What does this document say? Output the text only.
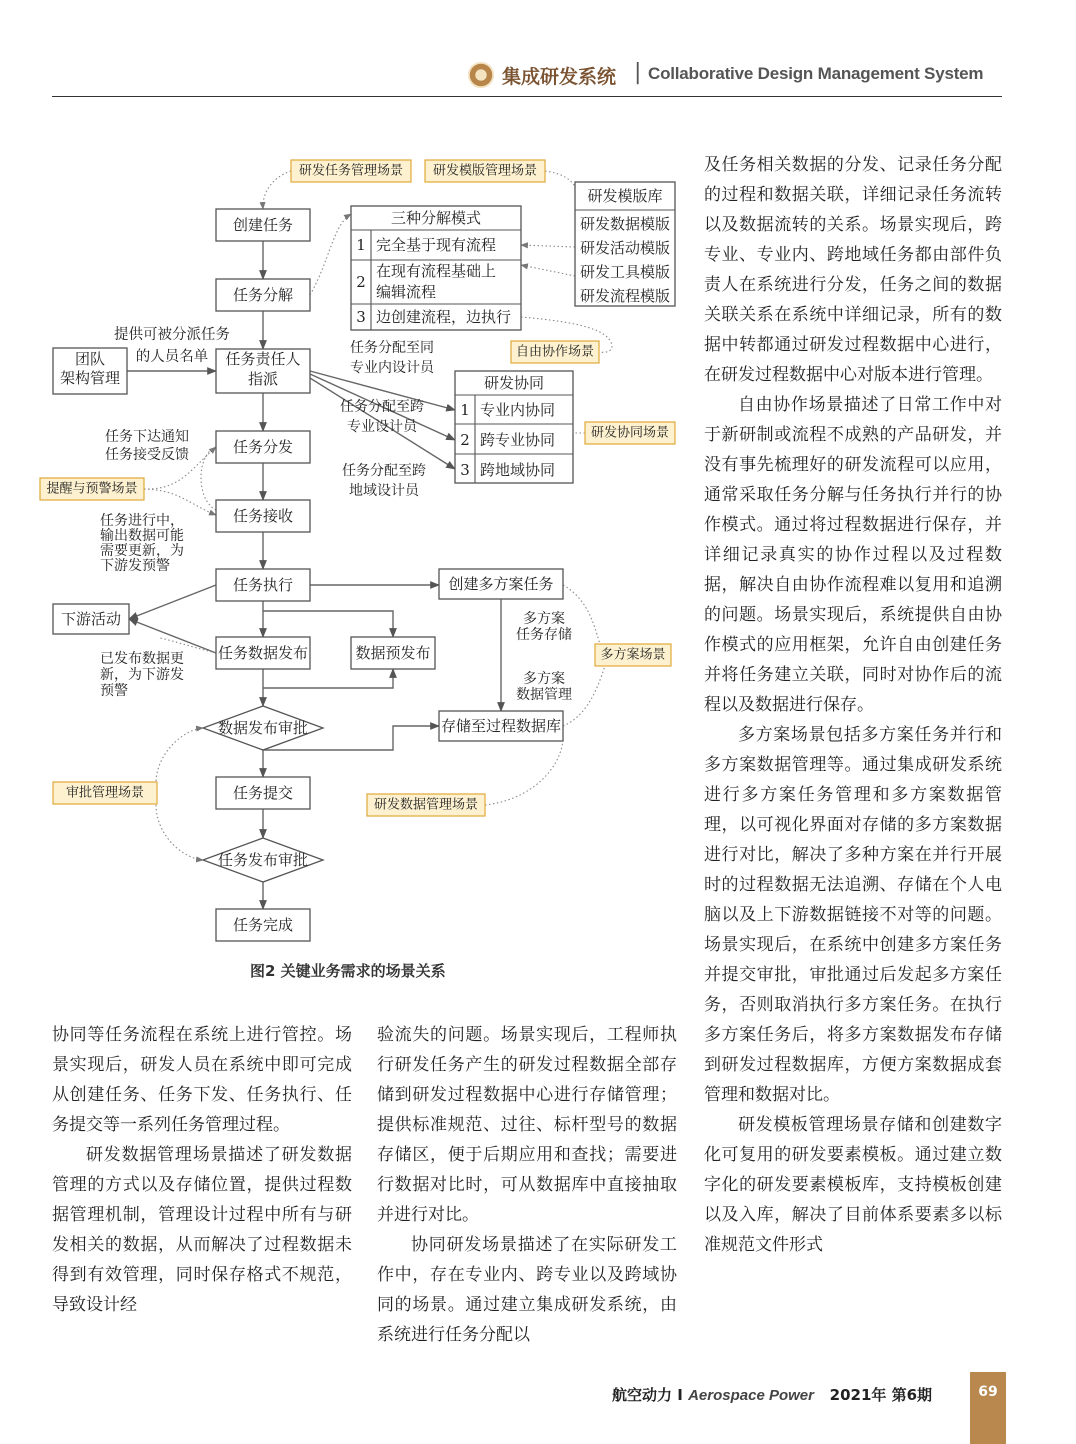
集成研发系统 | Collaborative Design Management System
创建任务
任务分解
任务责任人指派
任务分发
任务接收
任务执行
任务数据发布
数据发布审批
任务提交
任务发布审批
任务完成
团队架构管理
下游活动
数据预发布
创建多方案任务
存储至过程数据库
三种分解模式
1 完全基于现有流程
2
在现有流程基础上编辑流程
3 边创建流程，边执行
研发模版库
研发数据模版
研发活动模版
研发工具模版
研发流程模版
研发协同
1 专业内协同
2 跨专业协同
3 跨地域协同
研发任务管理场景 研发模版管理场景
自由协作场景
研发协同场景
提醒与预警场景
多方案场景
审批管理场景
研发数据管理场景
提供可被分派任务
的人员名单
任务分配至同专业内设计员
任务分配至跨专业设计员
任务分配至跨地域设计员
任务下达通知任务接受反馈
任务进行中，输出数据可能需要更新，为下游发预警
已发布数据更新，为下游发预警
多方案任务存储
多方案数据管理
图2 关键业务需求的场景关系

协同等任务流程在系统上进行管控。场景实现后，研发人员在系统中即可完成从创建任务、任务下发、任务执行、任务提交等一系列任务管理过程。

研发数据管理场景描述了研发数据管理的方式以及存储位置，提供过程数据管理机制，管理设计过程中所有与研发相关的数据，从而解决了过程数据未得到有效管理，同时保存格式不规范，导致设计经

验流失的问题。场景实现后，工程师执行研发任务产生的研发过程数据全部存储到研发过程数据中心进行存储管理；提供标准规范、过往、标杆型号的数据存储区，便于后期应用和查找；需要进行数据对比时，可从数据库中直接抽取并进行对比。

协同研发场景描述了在实际研发工作中，存在专业内、跨专业以及跨域协同的场景。通过建立集成研发系统，由系统进行任务分配以

及任务相关数据的分发、记录任务分配的过程和数据关联，详细记录任务流转以及数据流转的关系。场景实现后，跨专业、专业内、跨地域任务都由部件负责人在系统进行分发，任务之间的数据关联关系在系统中详细记录，所有的数据中转都通过研发过程数据中心进行，在研发过程数据中心对版本进行管理。

自由协作场景描述了日常工作中对于新研制或流程不成熟的产品研发，并没有事先梳理好的研发流程可以应用，通常采取任务分解与任务执行并行的协作模式。通过将过程数据进行保存，并详细记录真实的协作过程以及过程数据，解决自由协作流程难以复用和追溯的问题。场景实现后，系统提供自由协作模式的应用框架，允许自由创建任务并将任务建立关联，同时对协作后的流程以及数据进行保存。

多方案场景包括多方案任务并行和多方案数据管理等。通过集成研发系统进行多方案任务管理和多方案数据管理，以可视化界面对存储的多方案数据进行对比，解决了多种方案在并行开展时的过程数据无法追溯、存储在个人电脑以及上下游数据链接不对等的问题。场景实现后，在系统中创建多方案任务并提交审批，审批通过后发起多方案任务，否则取消执行多方案任务。在执行多方案任务后，将多方案数据发布存储到研发过程数据库，方便方案数据成套管理和数据对比。

研发模板管理场景存储和创建数字化可复用的研发要素模板。通过建立数字化的研发要素模板库，支持模板创建以及入库，解决了目前体系要素多以标准规范文件形式

航空动力 I Aerospace Power 2021年 第6期	69
